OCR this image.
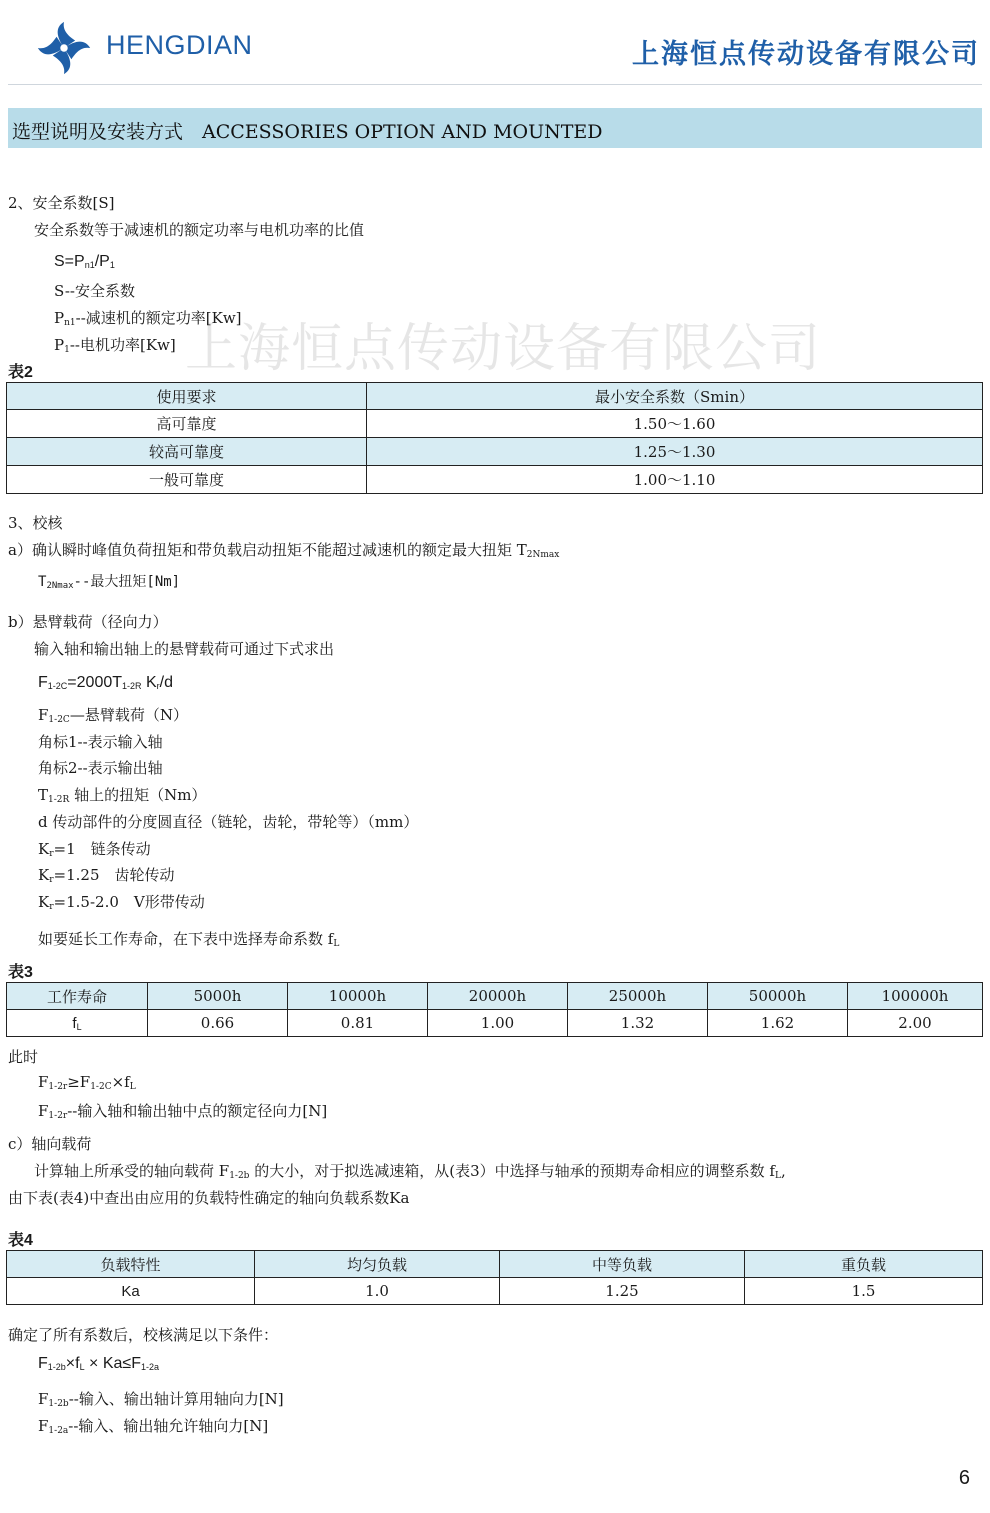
HENGDIAN	上海恒点传动设备有限公司
选型说明及安装方式　ACCESSORIES OPTION AND MOUNTED
上海恒点传动设备有限公司
2、安全系数[S]
安全系数等于减速机的额定功率与电机功率的比值
$S=P_{n1}/P_1$
S--安全系数
$P_{n1}--$减速机的额定功率[Kw]
$P_1--$电机功率[Kw]
表2
使用要求	最小安全系数（Smin）
高可靠度	1.50～1.60
较高可靠度	1.25～1.30
一般可靠度	1.00～1.10
3、校核
a）确认瞬时峰值负荷扭矩和带负载启动扭矩不能超过减速机的额定最大扭矩 $T_{2Nmax}$
$T_{2Nmax}--$最大扭矩[Nm]
b）悬臂载荷（径向力）
输入轴和输出轴上的悬臂载荷可通过下式求出
$F_{1-2C}=2000T_{1-2R}$ $K_r/d$
$F_{1-2C}—$悬臂载荷（N）
角标1--表示输入轴
角标2--表示输出轴
$T_{1-2R}$ 轴上的扭矩（Nm）
d 传动部件的分度圆直径（链轮，齿轮，带轮等）（mm）
$K_r=1$　链条传动
$K_r=1.25$　齿轮传动
$K_r=1.5-2.0$　V形带传动
如要延长工作寿命，在下表中选择寿命系数 $f_L$
表3
工作寿命	5000h	10000h	20000h	25000h	50000h	100000h
$f_L$	0.66	0.81	1.00	1.32	1.62	2.00
此时
$F_{1-2r}\ge F_{1-2C}\times f_L$
$F_{1-2r}--$输入轴和输出轴中点的额定径向力[N]
c）轴向载荷
计算轴上所承受的轴向载荷 $F_{1-2b}$ 的大小，对于拟选减速箱，从(表3）中选择与轴承的预期寿命相应的调整系数 $f_L$,
由下表(表4)中查出由应用的负载特性确定的轴向负载系数Ka
表4
负载特性	均匀负载	中等负载	重负载
Ka	1.0	1.25	1.5
确定了所有系数后，校核满足以下条件：
$F_{1-2b}\times f_L \times Ka\le F_{1-2a}$
$F_{1-2b}--$输入、输出轴计算用轴向力[N]
$F_{1-2a}--$输入、输出轴允许轴向力[N]
6
